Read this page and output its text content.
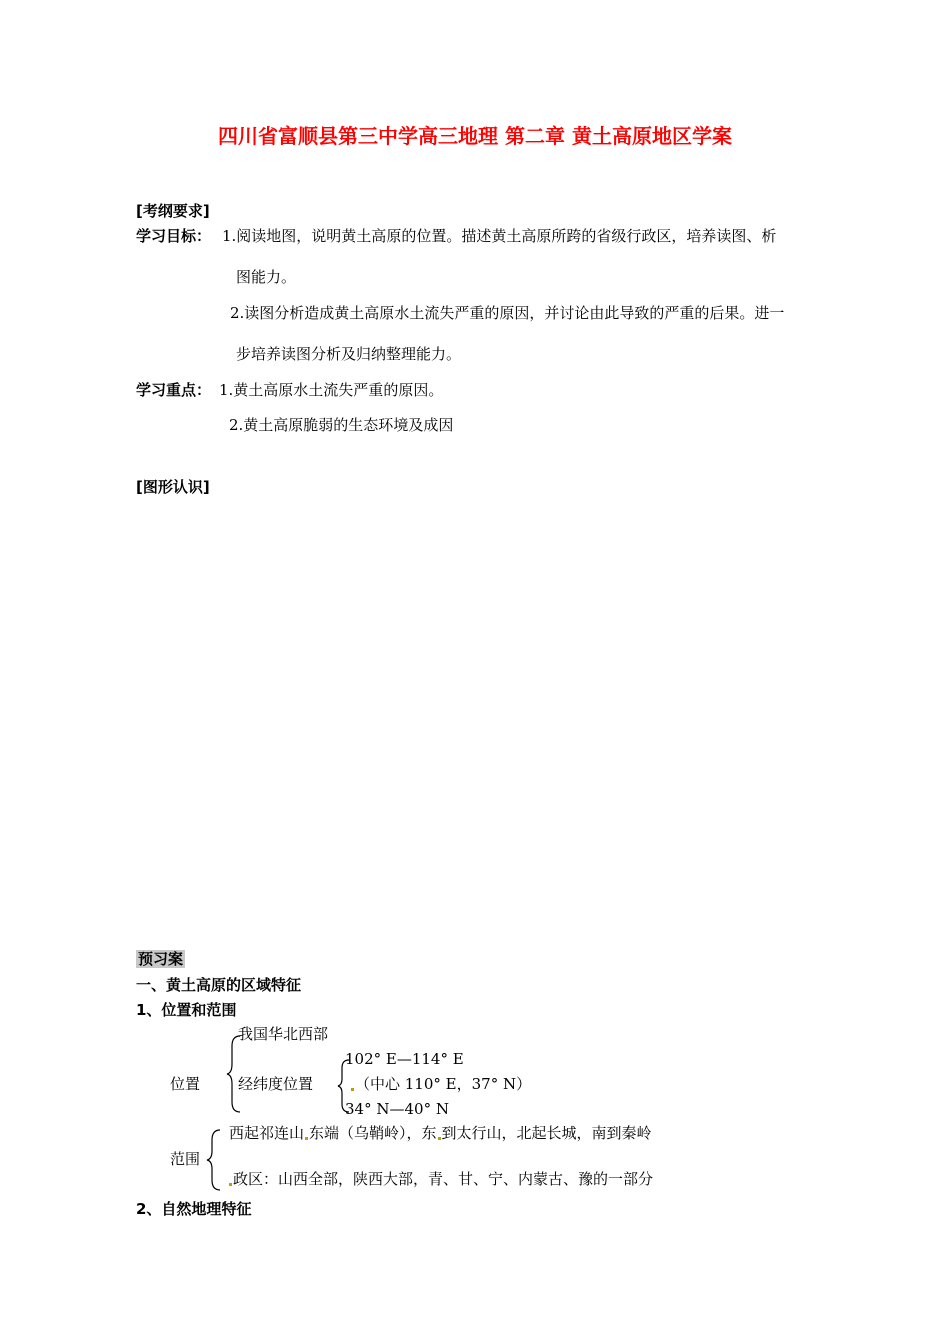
四川省富顺县第三中学高三地理 第二章 黄土高原地区学案
[考纲要求]
学习目标： 1.阅读地图，说明黄土高原的位置。描述黄土高原所跨的省级行政区，培养读图、析
图能力。
2.读图分析造成黄土高原水土流失严重的原因，并讨论由此导致的严重的后果。进一
步培养读图分析及归纳整理能力。
学习重点： 1.黄土高原水土流失严重的原因。
2.黄土高原脆弱的生态环境及成因
[图形认识]
预习案
一、黄土高原的区域特征
1、位置和范围
位置
我国华北西部
经纬度位置
102° E—114° E
（中心 110° E，37° N）
34° N—40° N
范围
西起祁连山 东端（乌鞘岭），东 到太行山，北起长城，南到秦岭
政区：山西全部，陕西大部，青、甘、宁、内蒙古、豫的一部分
2、自然地理特征
